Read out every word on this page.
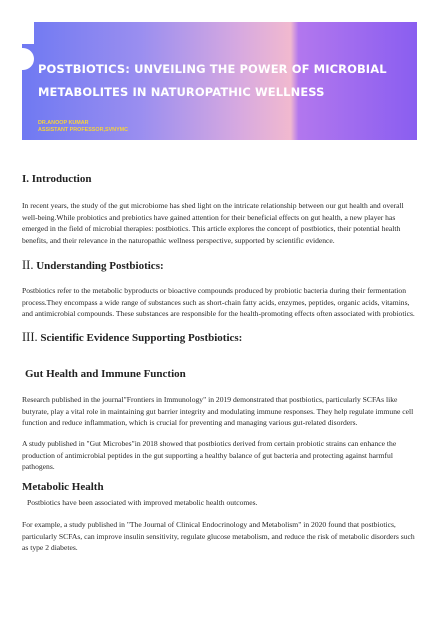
POSTBIOTICS: UNVEILING THE POWER OF MICROBIAL METABOLITES IN NATUROPATHIC WELLNESS
DR.ANOOP KUMAR
ASSISTANT PROFESSOR,SVNYMC
I. Introduction

In recent years, the study of the gut microbiome has shed light on the intricate relationship between our gut health and overall well-being.While probiotics and prebiotics have gained attention for their beneficial effects on gut health, a new player has emerged in the field of microbial therapies: postbiotics. This article explores the concept of postbiotics, their potential health benefits, and their relevance in the naturopathic wellness perspective, supported by scientific evidence.

II. Understanding Postbiotics:

Postbiotics refer to the metabolic byproducts or bioactive compounds produced by probiotic bacteria during their fermentation process.They encompass a wide range of substances such as short-chain fatty acids, enzymes, peptides, organic acids, vitamins, and antimicrobial compounds. These substances are responsible for the health-promoting effects often associated with probiotics.

III. Scientific Evidence Supporting Postbiotics:
Gut Health and Immune Function

Research published in the journal"Frontiers in Immunology" in 2019 demonstrated that postbiotics, particularly SCFAs like butyrate, play a vital role in maintaining gut barrier integrity and modulating immune responses. They help regulate immune cell function and reduce inflammation, which is crucial for preventing and managing various gut-related disorders.

A study published in "Gut Microbes"in 2018 showed that postbiotics derived from certain probiotic strains can enhance the production of antimicrobial peptides in the gut supporting a healthy balance of gut bacteria and protecting against harmful pathogens.

Metabolic Health

Postbiotics have been associated with improved metabolic health outcomes.

For example, a study published in "The Journal of Clinical Endocrinology and Metabolism" in 2020 found that postbiotics, particularly SCFAs, can improve insulin sensitivity, regulate glucose metabolism, and reduce the risk of metabolic disorders such as type 2 diabetes.
